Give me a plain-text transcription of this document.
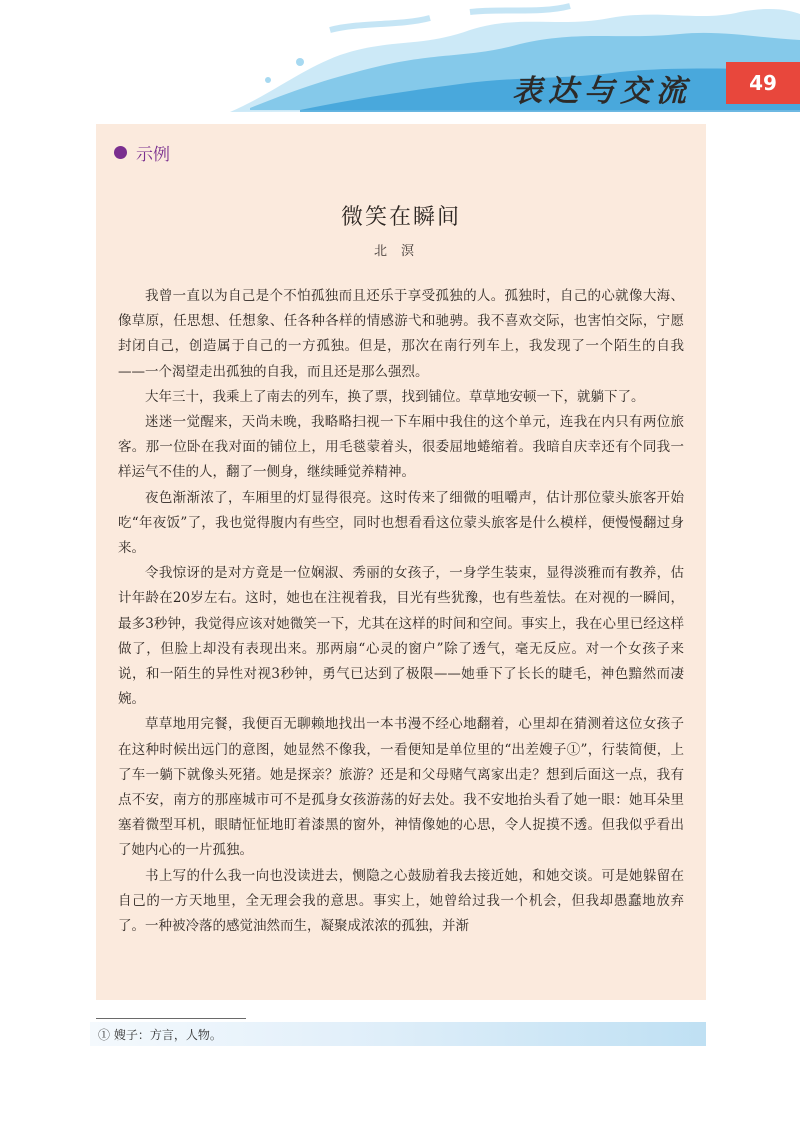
表达与交流	49
示例
微笑在瞬间
北溟

我曾一直以为自己是个不怕孤独而且还乐于享受孤独的人。孤独时，自己的心就像大海、像草原，任思想、任想象、任各种各样的情感游弋和驰骋。我不喜欢交际，也害怕交际，宁愿封闭自己，创造属于自己的一方孤独。但是，那次在南行列车上，我发现了一个陌生的自我——一个渴望走出孤独的自我，而且还是那么强烈。

大年三十，我乘上了南去的列车，换了票，找到铺位。草草地安顿一下，就躺下了。

迷迷一觉醒来，天尚未晚，我略略扫视一下车厢中我住的这个单元，连我在内只有两位旅客。那一位卧在我对面的铺位上，用毛毯蒙着头，很委屈地蜷缩着。我暗自庆幸还有个同我一样运气不佳的人，翻了一侧身，继续睡觉养精神。

夜色渐渐浓了，车厢里的灯显得很亮。这时传来了细微的咀嚼声，估计那位蒙头旅客开始吃“年夜饭”了，我也觉得腹内有些空，同时也想看看这位蒙头旅客是什么模样，便慢慢翻过身来。

令我惊讶的是对方竟是一位娴淑、秀丽的女孩子，一身学生装束，显得淡雅而有教养，估计年龄在20岁左右。这时，她也在注视着我，目光有些犹豫，也有些羞怯。在对视的一瞬间，最多3秒钟，我觉得应该对她微笑一下，尤其在这样的时间和空间。事实上，我在心里已经这样做了，但脸上却没有表现出来。那两扇“心灵的窗户”除了透气，毫无反应。对一个女孩子来说，和一陌生的异性对视3秒钟，勇气已达到了极限——她垂下了长长的睫毛，神色黯然而凄婉。

草草地用完餐，我便百无聊赖地找出一本书漫不经心地翻着，心里却在猜测着这位女孩子在这种时候出远门的意图，她显然不像我，一看便知是单位里的“出差嫂子①”，行装简便，上了车一躺下就像头死猪。她是探亲？旅游？还是和父母赌气离家出走？想到后面这一点，我有点不安，南方的那座城市可不是孤身女孩游荡的好去处。我不安地抬头看了她一眼：她耳朵里塞着微型耳机，眼睛怔怔地盯着漆黑的窗外，神情像她的心思，令人捉摸不透。但我似乎看出了她内心的一片孤独。

书上写的什么我一向也没读进去，恻隐之心鼓励着我去接近她，和她交谈。可是她躲留在自己的一方天地里，全无理会我的意思。事实上，她曾给过我一个机会，但我却愚蠢地放弃了。一种被冷落的感觉油然而生，凝聚成浓浓的孤独，并渐

① 嫂子：方言，人物。
